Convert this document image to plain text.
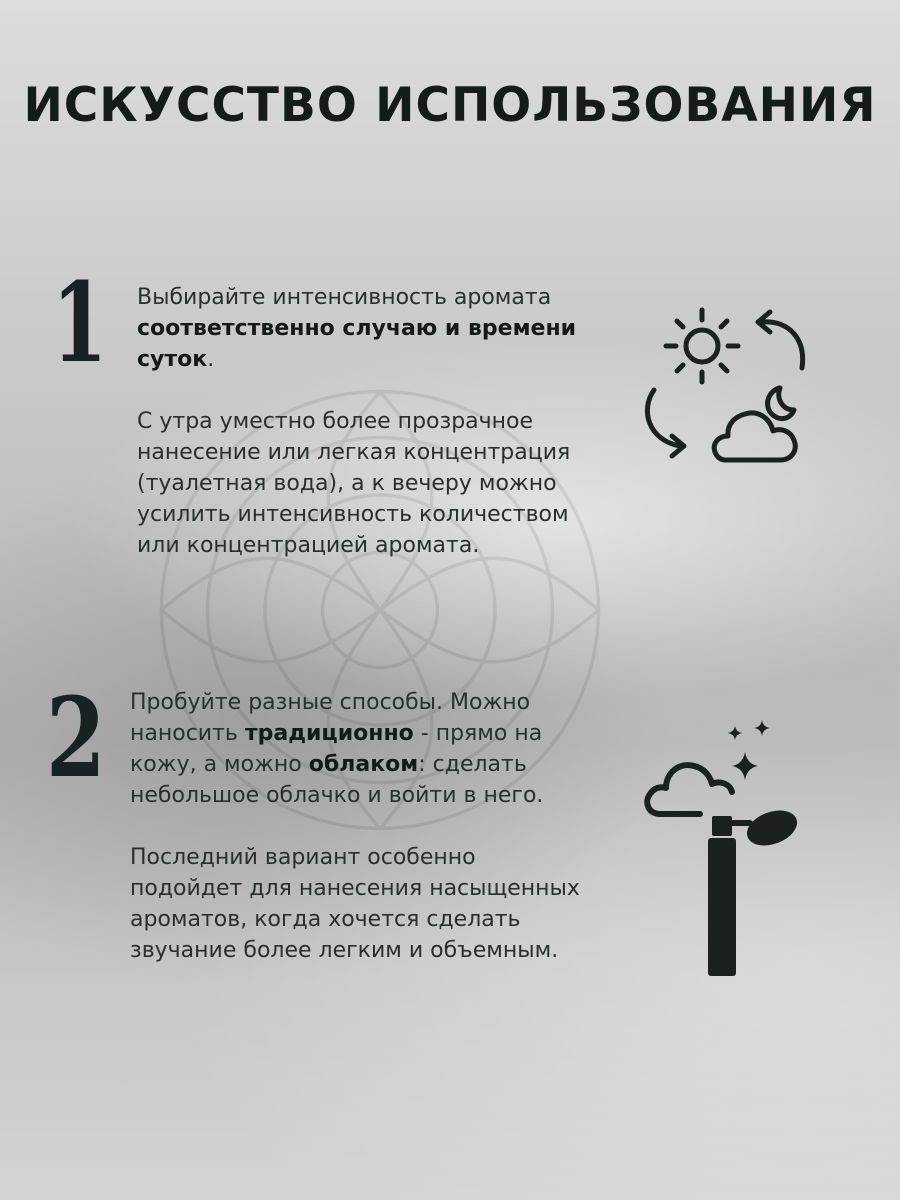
ИСКУССТВО ИСПОЛЬЗОВАНИЯ
1 Выбирайте интенсивность аромата соответственно случаю и времени суток.

С утра уместно более прозрачное нанесение или легкая концентрация (туалетная вода), а к вечеру можно усилить интенсивность количеством или концентрацией аромата.

2 Пробуйте разные способы. Можно наносить традиционно - прямо на кожу, а можно облаком: сделать небольшое облачко и войти в него.

Последний вариант особенно подойдет для нанесения насыщенных ароматов, когда хочется сделать звучание более легким и объемным.
